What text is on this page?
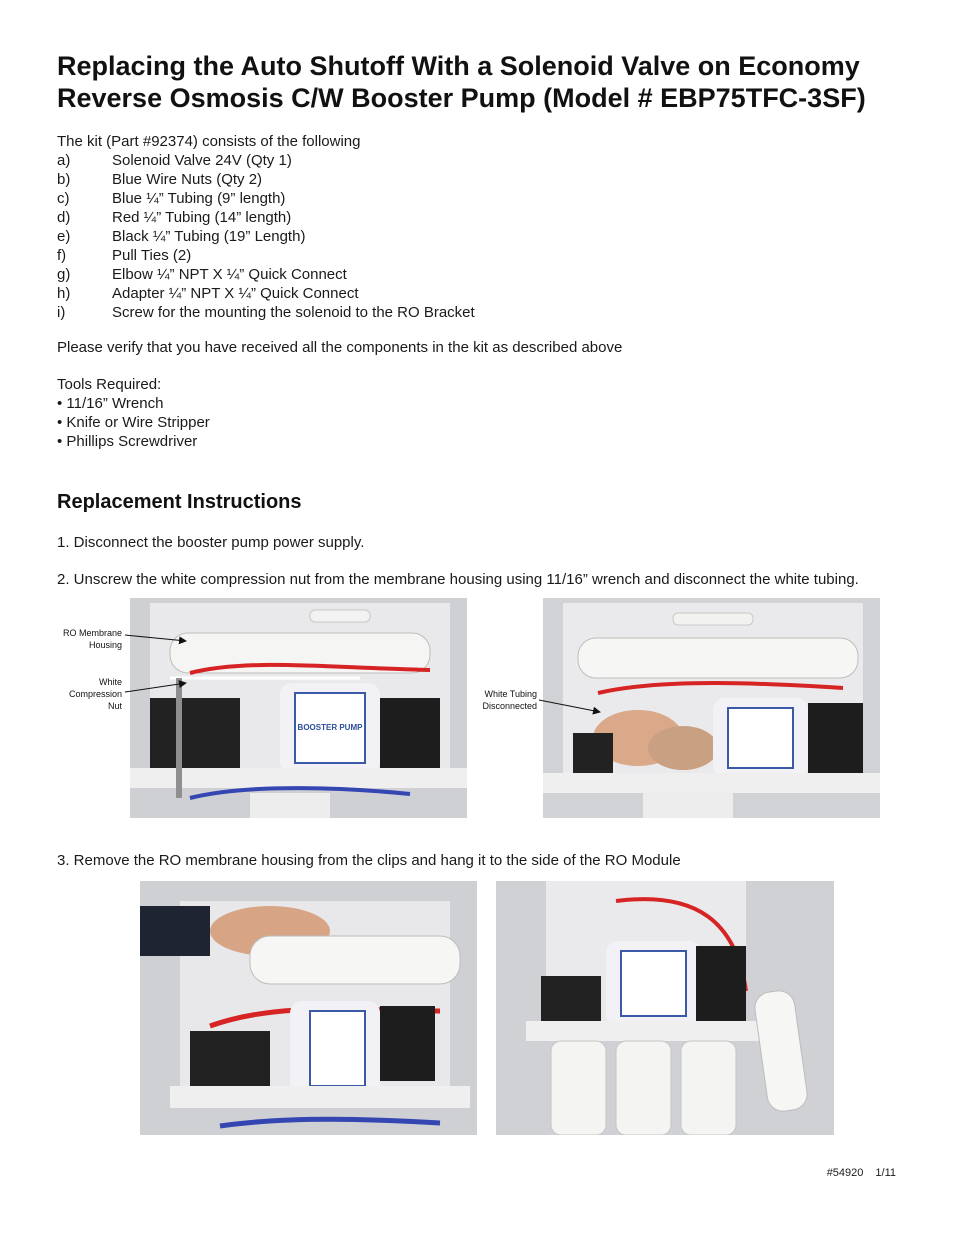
Replacing the Auto Shutoff With a Solenoid Valve on Economy
Reverse Osmosis C/W Booster Pump (Model # EBP75TFC-3SF)

The kit (Part #92374) consists of the following

a)	Solenoid Valve 24V (Qty 1)
b)	Blue Wire Nuts (Qty 2)
c)	Blue ¼” Tubing (9” length)
d)	Red ¼” Tubing (14” length)
e)	Black ¼” Tubing (19” Length)
f)	Pull Ties (2)
g)	Elbow ¼” NPT X ¼” Quick Connect
h)	Adapter ¼” NPT X ¼” Quick Connect
i)	Screw for the mounting the solenoid to the RO Bracket

Please verify that you have received all the components in the kit as described above

Tools Required:

• 11/16” Wrench
• Knife or Wire Stripper
• Phillips Screwdriver
Replacement Instructions

1. Disconnect the booster pump power supply.

2. Unscrew the white compression nut from the membrane housing using 11/16” wrench and disconnect the white tubing.

BOOSTER PUMP
RO Membrane
Housing
White
Compression
Nut
White Tubing
Disconnected

3. Remove the RO membrane housing from the clips and hang it to the side of the RO Module

#54920 1/11
